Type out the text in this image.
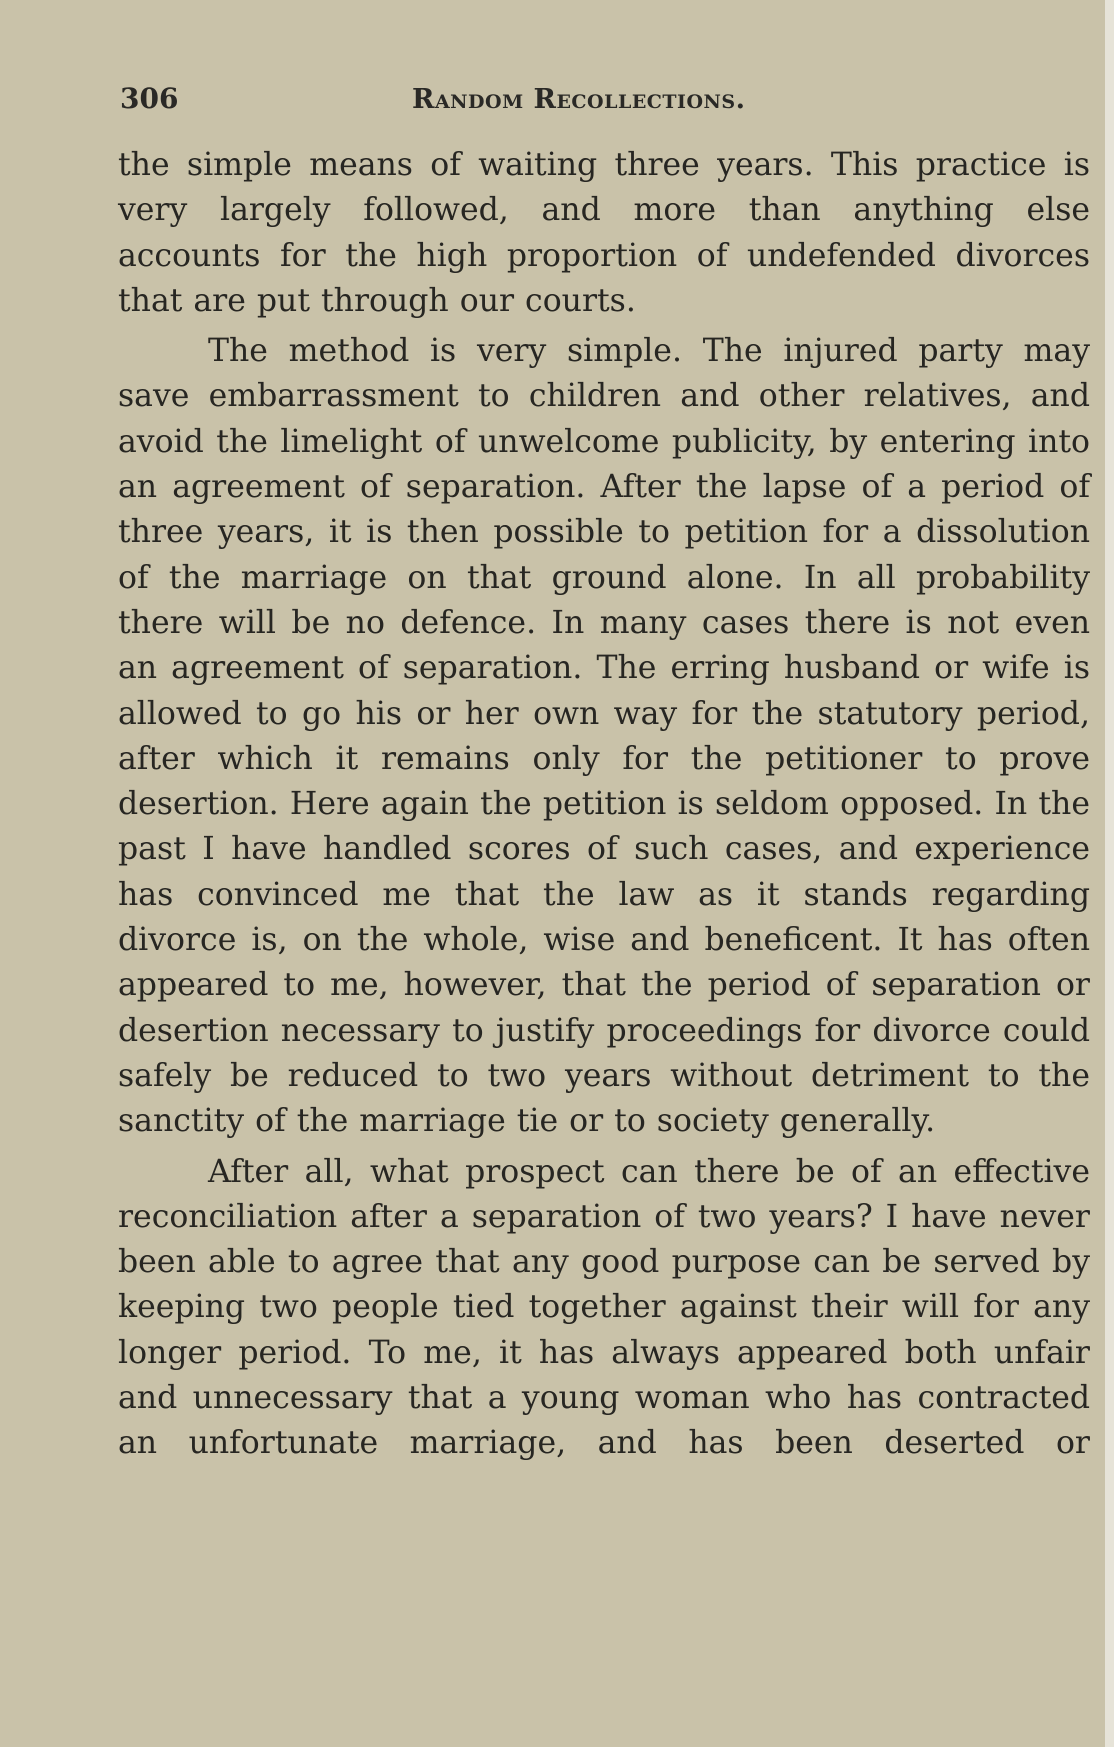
306	Random Recollections.

the simple means of waiting three years. This practice is very largely followed, and more than anything else accounts for the high proportion of undefended divorces that are put through our courts.

The method is very simple. The injured party may save embarrassment to children and other relatives, and avoid the limelight of unwelcome publicity, by entering into an agreement of separation. After the lapse of a period of three years, it is then possible to petition for a dissolution of the marriage on that ground alone. In all probability there will be no defence. In many cases there is not even an agreement of separation. The erring husband or wife is allowed to go his or her own way for the statutory period, after which it remains only for the petitioner to prove desertion. Here again the petition is seldom opposed. In the past I have handled scores of such cases, and experience has convinced me that the law as it stands regarding divorce is, on the whole, wise and beneficent. It has often appeared to me, however, that the period of separation or desertion necessary to justify proceedings for divorce could safely be reduced to two years without detriment to the sanctity of the marriage tie or to society generally.

After all, what prospect can there be of an effective reconciliation after a separation of two years? I have never been able to agree that any good purpose can be served by keeping two people tied together against their will for any longer period. To me, it has always appeared both unfair and unnecessary that a young woman who has contracted an unfortunate marriage, and has been deserted or
